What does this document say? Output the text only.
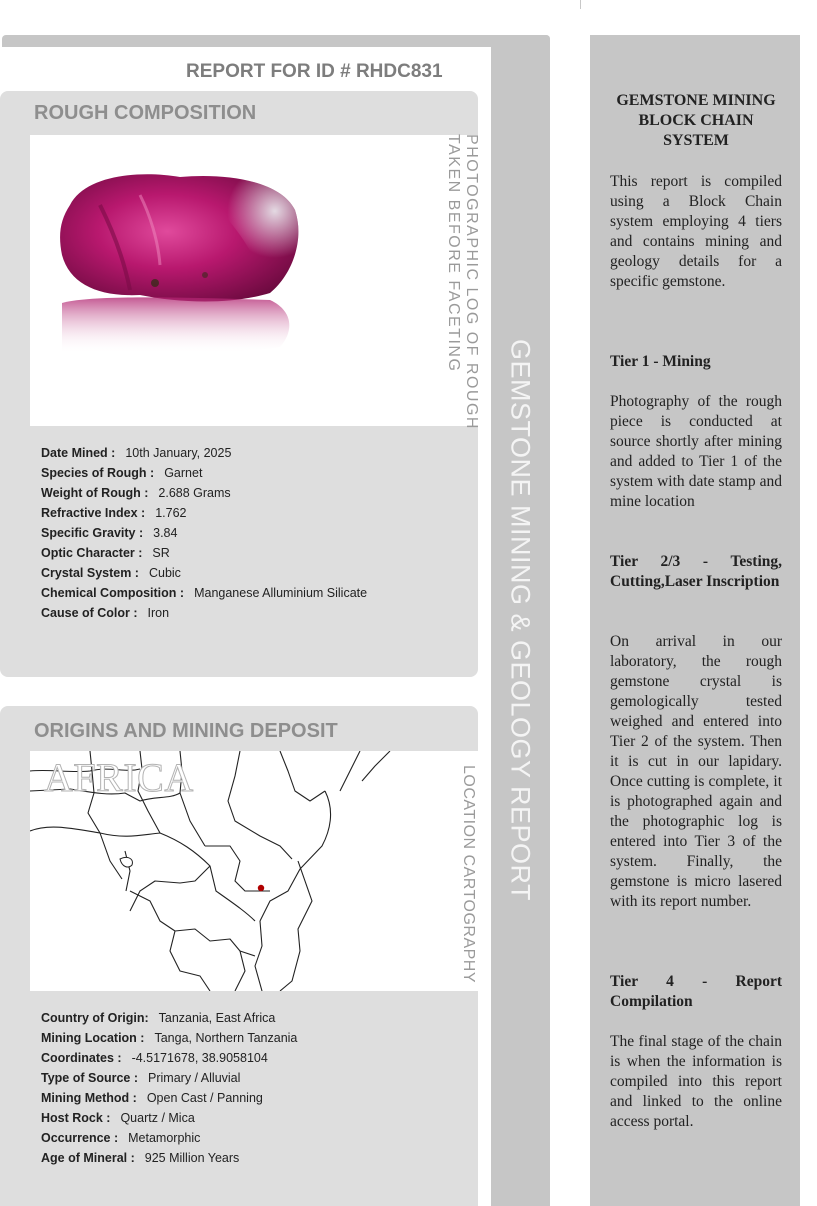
GEMSTONE MINING & GEOLOGY REPORT
REPORT FOR ID # RHDC831
ROUGH COMPOSITION
PHOTOGRAPHIC LOG OF ROUGH
TAKEN BEFORE FACETING
Date Mined : 10th January, 2025
Species of Rough : Garnet
Weight of Rough : 2.688 Grams
Refractive Index : 1.762
Specific Gravity : 3.84
Optic Character : SR
Crystal System : Cubic
Chemical Composition : Manganese Alluminium Silicate
Cause of Color : Iron
ORIGINS AND MINING DEPOSIT
AFRICA	LOCATION CARTOGRAPHY
Country of Origin: Tanzania, East Africa
Mining Location : Tanga, Northern Tanzania
Coordinates : -4.5171678, 38.9058104
Type of Source : Primary / Alluvial
Mining Method : Open Cast / Panning
Host Rock : Quartz / Mica
Occurrence : Metamorphic
Age of Mineral : 925 Million Years
GEMSTONE MINING BLOCK CHAIN SYSTEM
This report is compiled using a Block Chain system employing 4 tiers and contains mining and geology details for a specific gemstone.
Tier 1 - Mining
Photography of the rough piece is conducted at source shortly after mining and added to Tier 1 of the system with date stamp and mine location
Tier 2/3 - Testing, Cutting,Laser Inscription
On arrival in our laboratory, the rough gemstone crystal is gemologically tested weighed and entered into Tier 2 of the system. Then it is cut in our lapidary. Once cutting is complete, it is photographed again and the photographic log is entered into Tier 3 of the system. Finally, the gemstone is micro lasered with its report number.
Tier 4 - Report Compilation
The final stage of the chain is when the information is compiled into this report and linked to the online access portal.
